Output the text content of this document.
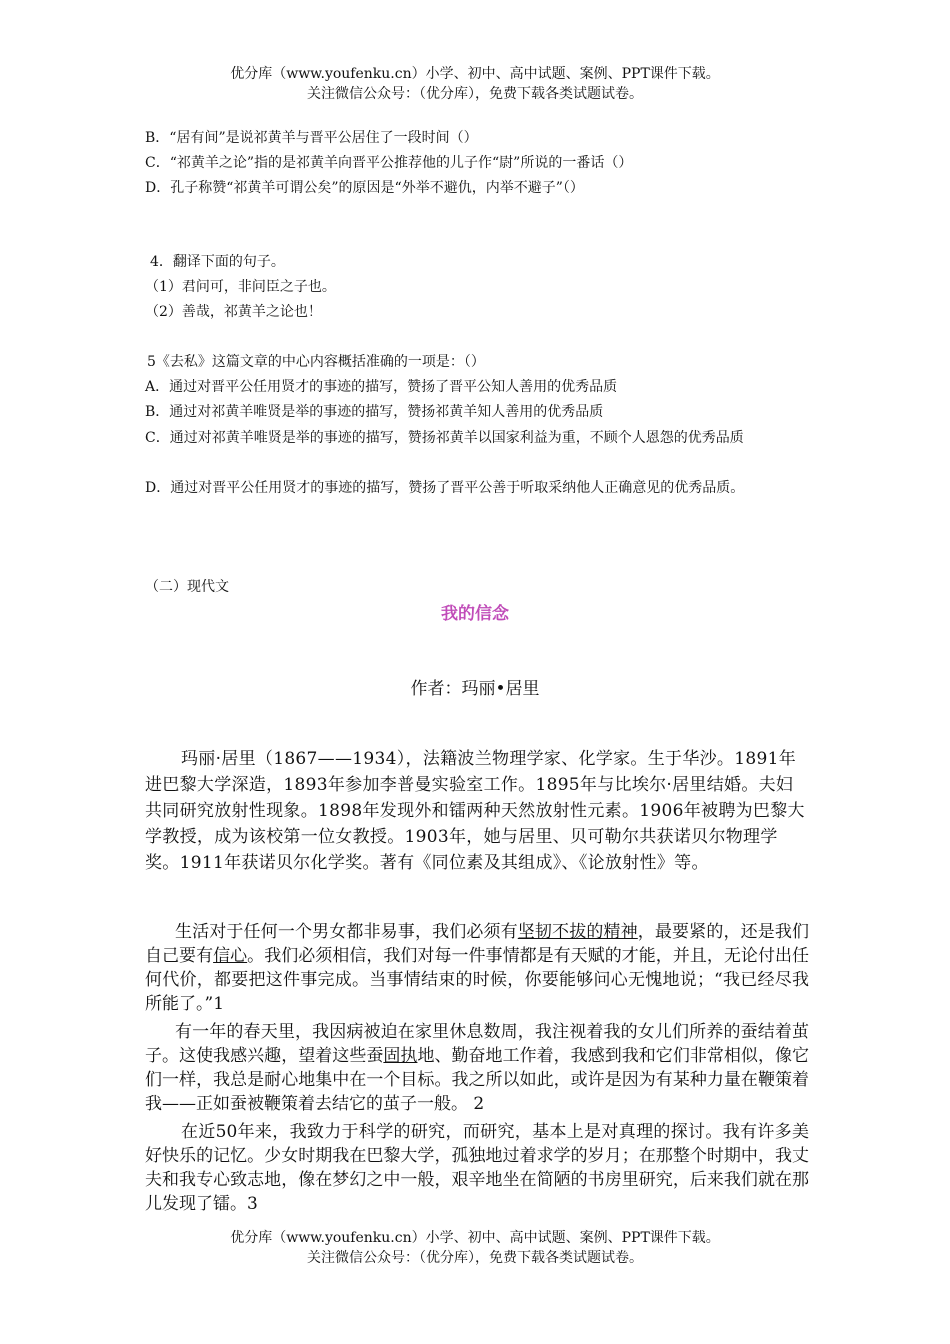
优分库（www.youfenku.cn）小学、初中、高中试题、案例、PPT课件下载。
关注微信公众号：（优分库），免费下载各类试题试卷。
B．“居有间”是说祁黄羊与晋平公居住了一段时间（）
C．“祁黄羊之论”指的是祁黄羊向晋平公推荐他的儿子作“尉”所说的一番话（）
D．孔子称赞“祁黄羊可谓公矣”的原因是“外举不避仇，内举不避子”（）
4．翻译下面的句子。
（1）君问可，非问臣之子也。
（2）善哉，祁黄羊之论也！
5《去私》这篇文章的中心内容概括准确的一项是：（）
A．通过对晋平公任用贤才的事迹的描写，赞扬了晋平公知人善用的优秀品质
B．通过对祁黄羊唯贤是举的事迹的描写，赞扬祁黄羊知人善用的优秀品质
C．通过对祁黄羊唯贤是举的事迹的描写，赞扬祁黄羊以国家利益为重，不顾个人恩怨的优秀品质
D．通过对晋平公任用贤才的事迹的描写，赞扬了晋平公善于听取采纳他人正确意见的优秀品质。
（二）现代文
我的信念
作者：玛丽•居里
玛丽·居里（1867——1934），法籍波兰物理学家、化学家。生于华沙。1891年进巴黎大学深造，1893年参加李普曼实验室工作。1895年与比埃尔·居里结婚。夫妇共同研究放射性现象。1898年发现外和镭两种天然放射性元素。1906年被聘为巴黎大学教授，成为该校第一位女教授。1903年，她与居里、贝可勒尔共获诺贝尔物理学奖。1911年获诺贝尔化学奖。著有《同位素及其组成》、《论放射性》等。
生活对于任何一个男女都非易事，我们必须有坚韧不拔的精神，最要紧的，还是我们自己要有信心。我们必须相信，我们对每一件事情都是有天赋的才能，并且，无论付出任何代价，都要把这件事完成。当事情结束的时候，你要能够问心无愧地说；“我已经尽我所能了。”1
有一年的春天里，我因病被迫在家里休息数周，我注视着我的女儿们所养的蚕结着茧子。这使我感兴趣，望着这些蚕固执地、勤奋地工作着，我感到我和它们非常相似，像它们一样，我总是耐心地集中在一个目标。我之所以如此，或许是因为有某种力量在鞭策着我——正如蚕被鞭策着去结它的茧子一般。 2
在近50年来，我致力于科学的研究，而研究，基本上是对真理的探讨。我有许多美好快乐的记忆。少女时期我在巴黎大学，孤独地过着求学的岁月；在那整个时期中，我丈夫和我专心致志地，像在梦幻之中一般，艰辛地坐在简陋的书房里研究，后来我们就在那儿发现了镭。3
优分库（www.youfenku.cn）小学、初中、高中试题、案例、PPT课件下载。
关注微信公众号：（优分库），免费下载各类试题试卷。
